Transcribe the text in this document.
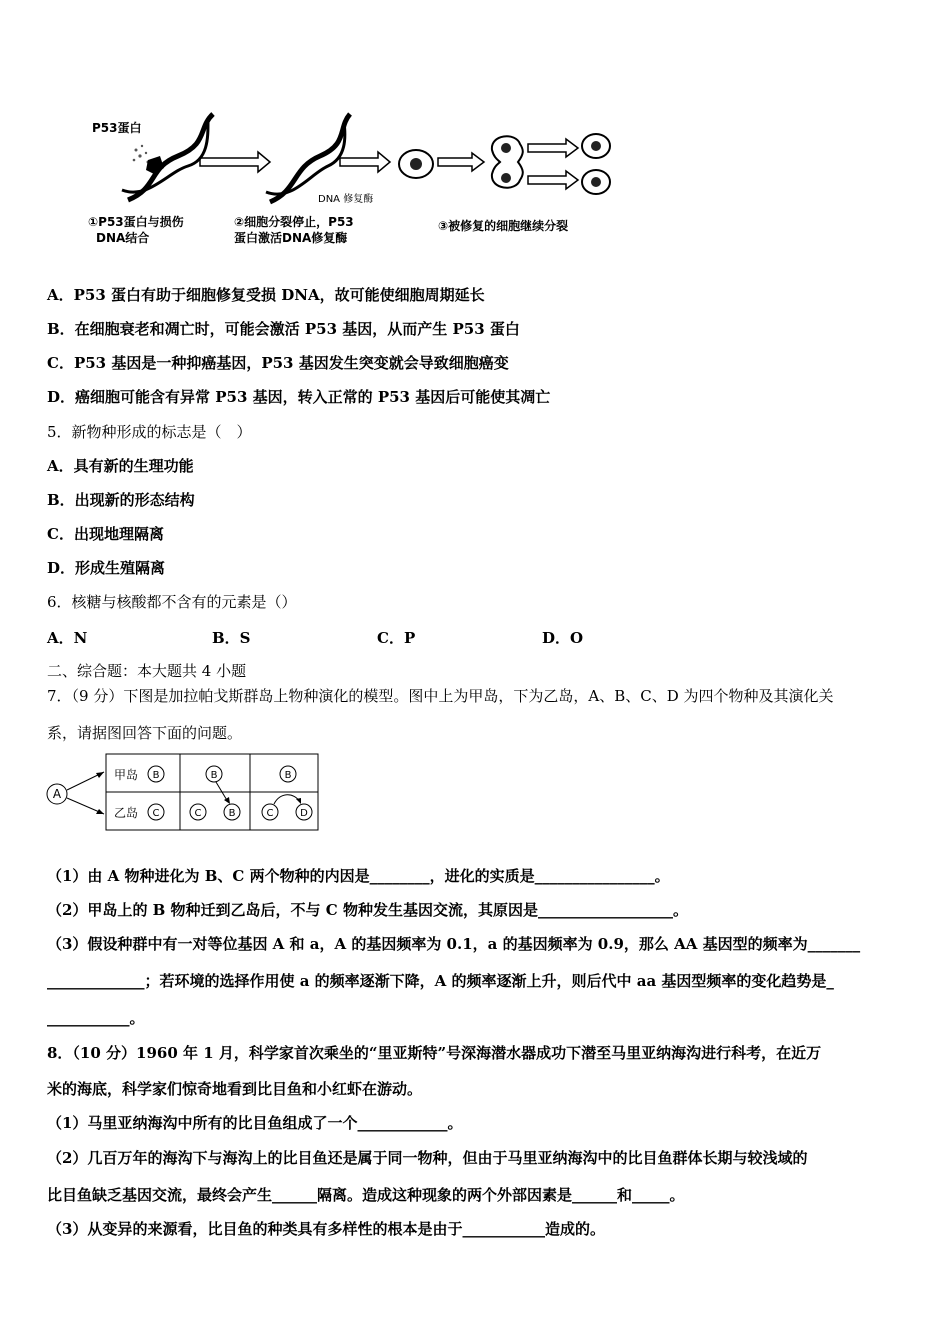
P53蛋白
DNA 修复酶
①P53蛋白与损伤
DNA结合
②细胞分裂停止，P53
蛋白激活DNA修复酶
③被修复的细胞继续分裂
A．P53 蛋白有助于细胞修复受损 DNA，故可能使细胞周期延长
B．在细胞衰老和凋亡时，可能会激活 P53 基因，从而产生 P53 蛋白
C．P53 基因是一种抑癌基因，P53 基因发生突变就会导致细胞癌变
D．癌细胞可能含有异常 P53 基因，转入正常的 P53 基因后可能使其凋亡
5．新物种形成的标志是（　）
A．具有新的生理功能
B．出现新的形态结构
C．出现地理隔离
D．形成生殖隔离
6．核糖与核酸都不含有的元素是（）
A．N	B．S	C．P	D．O
二、综合题：本大题共 4 小题
7．（9 分）下图是加拉帕戈斯群岛上物种演化的模型。图中上为甲岛，下为乙岛，A、B、C、D 为四个物种及其演化关
系，请据图回答下面的问题。
A
甲岛
乙岛
B
C
B
C	B
B
C	D
（1）由 A 物种进化为 B、C 两个物种的内因是________，进化的实质是________________。
（2）甲岛上的 B 物种迁到乙岛后，不与 C 物种发生基因交流，其原因是__________________。
（3）假设种群中有一对等位基因 A 和 a，A 的基因频率为 0.1，a 的基因频率为 0.9，那么 AA 基因型的频率为_______
_____________；若环境的选择作用使 a 的频率逐渐下降，A 的频率逐渐上升，则后代中 aa 基因型频率的变化趋势是_
___________。
8．（10 分）1960 年 1 月，科学家首次乘坐的“里亚斯特”号深海潜水器成功下潜至马里亚纳海沟进行科考，在近万
米的海底，科学家们惊奇地看到比目鱼和小红虾在游动。
（1）马里亚纳海沟中所有的比目鱼组成了一个____________。
（2）几百万年的海沟下与海沟上的比目鱼还是属于同一物种，但由于马里亚纳海沟中的比目鱼群体长期与较浅域的
比目鱼缺乏基因交流，最终会产生______隔离。造成这种现象的两个外部因素是______和_____。
（3）从变异的来源看，比目鱼的种类具有多样性的根本是由于___________造成的。
